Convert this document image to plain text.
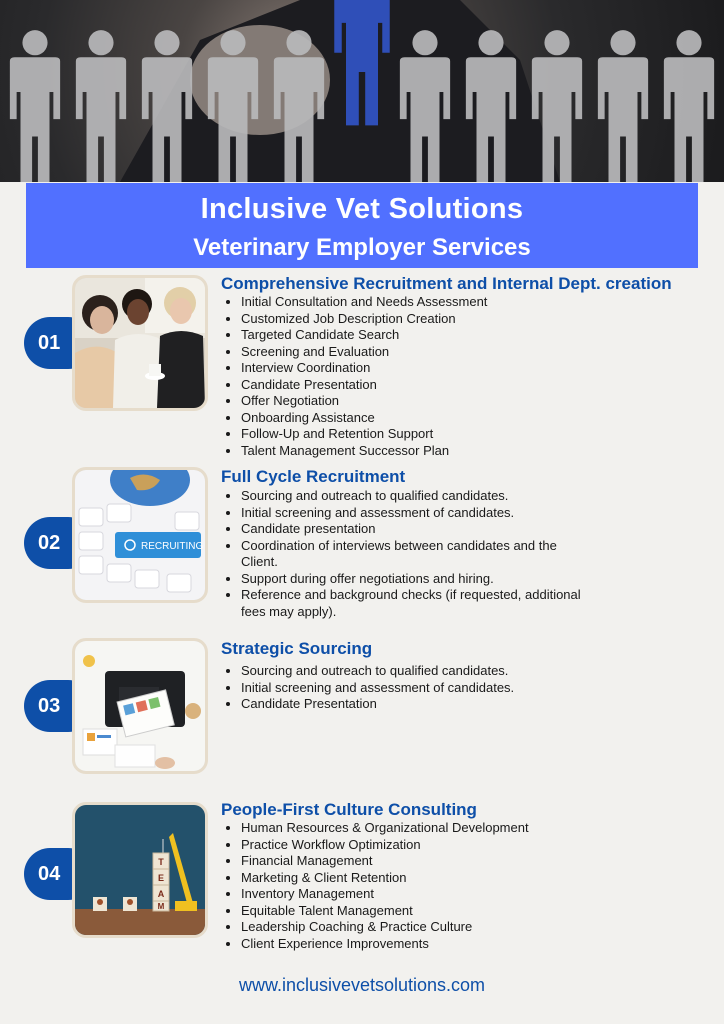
Inclusive Vet Solutions
Veterinary Employer Services
01
Comprehensive Recruitment and Internal Dept. creation
• Initial Consultation and Needs Assessment
• Customized Job Description Creation
• Targeted Candidate Search
• Screening and Evaluation
• Interview Coordination
• Candidate Presentation
• Offer Negotiation
• Onboarding Assistance
• Follow-Up and Retention Support
• Talent Management Successor Plan
02	RECRUITING
Full Cycle Recruitment
• Sourcing and outreach to qualified candidates.
• Initial screening and assessment of candidates.
• Candidate presentation
• Coordination of interviews between candidates and the Client.
• Support during offer negotiations and hiring.
• Reference and background checks (if requested, additional fees may apply).
03
Strategic Sourcing
• Sourcing and outreach to qualified candidates.
• Initial screening and assessment of candidates.
• Candidate Presentation
04
T
E
A
M
People-First Culture Consulting
• Human Resources & Organizational Development
• Practice Workflow Optimization
• Financial Management
• Marketing & Client Retention
• Inventory Management
• Equitable Talent Management
• Leadership Coaching & Practice Culture
• Client Experience Improvements
www.inclusivevetsolutions.com
